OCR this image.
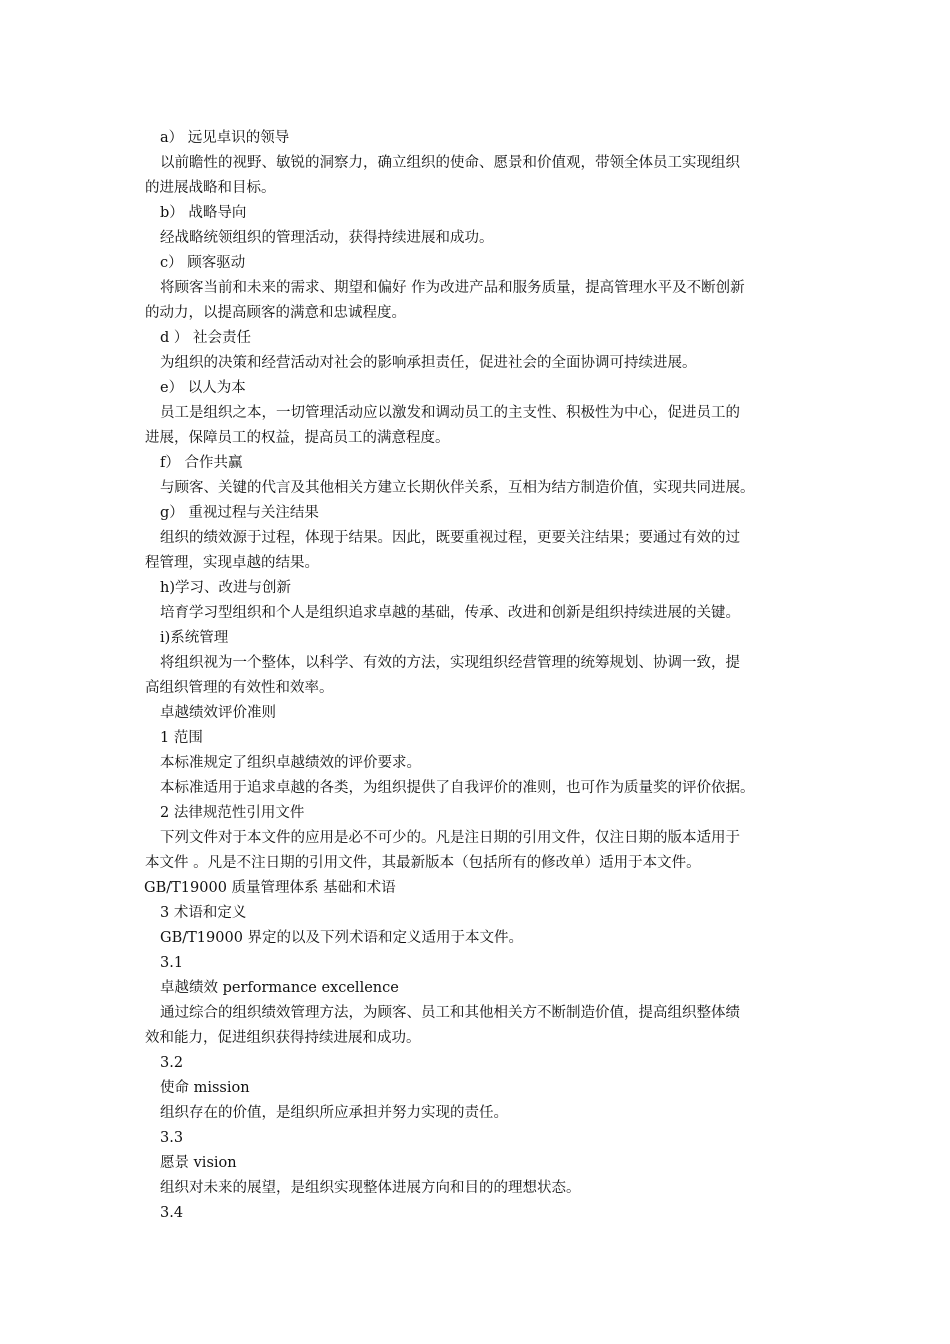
a） 远见卓识的领导
以前瞻性的视野、敏锐的洞察力，确立组织的使命、愿景和价值观，带领全体员工实现组织
的进展战略和目标。
b） 战略导向
经战略统领组织的管理活动，获得持续进展和成功。
c） 顾客驱动
将顾客当前和未来的需求、期望和偏好 作为改进产品和服务质量，提高管理水平及不断创新
的动力，以提高顾客的满意和忠诚程度。
d ） 社会责任
为组织的决策和经营活动对社会的影响承担责任，促进社会的全面协调可持续进展。
e） 以人为本
员工是组织之本，一切管理活动应以激发和调动员工的主支性、积极性为中心，促进员工的
进展，保障员工的权益，提高员工的满意程度。
f） 合作共赢
与顾客、关键的代言及其他相关方建立长期伙伴关系，互相为结方制造价值，实现共同进展。
g） 重视过程与关注结果
组织的绩效源于过程，体现于结果。因此，既要重视过程，更要关注结果；要通过有效的过
程管理，实现卓越的结果。
h)学习、改进与创新
培育学习型组织和个人是组织追求卓越的基础，传承、改进和创新是组织持续进展的关键。
i)系统管理
将组织视为一个整体，以科学、有效的方法，实现组织经营管理的统筹规划、协调一致，提
高组织管理的有效性和效率。
卓越绩效评价准则
1 范围
本标准规定了组织卓越绩效的评价要求。
本标准适用于追求卓越的各类，为组织提供了自我评价的准则，也可作为质量奖的评价依据。
2 法律规范性引用文件
下列文件对于本文件的应用是必不可少的。凡是注日期的引用文件，仅注日期的版本适用于
本文件 。凡是不注日期的引用文件，其最新版本（包括所有的修改单）适用于本文件。
GB/T19000 质量管理体系 基础和术语
3 术语和定义
GB/T19000 界定的以及下列术语和定义适用于本文件。
3.1
卓越绩效 performance excellence
通过综合的组织绩效管理方法，为顾客、员工和其他相关方不断制造价值，提高组织整体绩
效和能力，促进组织获得持续进展和成功。
3.2
使命 mission
组织存在的价值，是组织所应承担并努力实现的责任。
3.3
愿景 vision
组织对未来的展望，是组织实现整体进展方向和目的的理想状态。
3.4
